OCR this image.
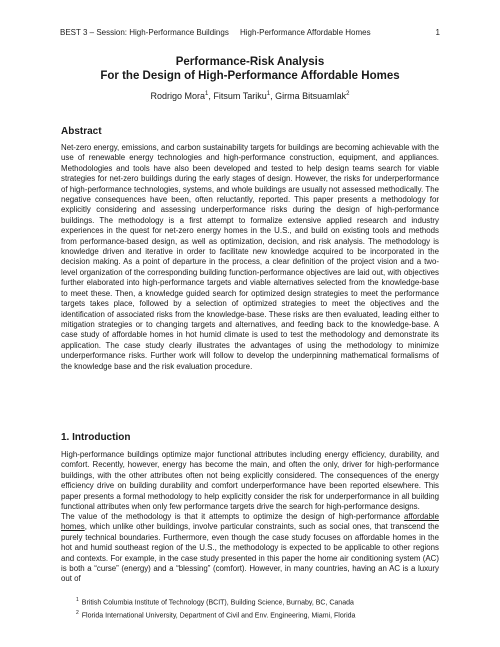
BEST 3 – Session: High-Performance Buildings High-Performance Affordable Homes	1

Performance-Risk Analysis

For the Design of High-Performance Affordable Homes

Rodrigo Mora$^1$, Fitsum Tariku$^1$, Girma Bitsuamlak$^2$
Abstract

Net-zero energy, emissions, and carbon sustainability targets for buildings are becoming achievable with the use of renewable energy technologies and high-performance construction, equipment, and appliances. Methodologies and tools have also been developed and tested to help design teams search for viable strategies for net-zero buildings during the early stages of design. However, the risks for underperformance of high-performance technologies, systems, and whole buildings are usually not assessed methodically. The negative consequences have been, often reluctantly, reported. This paper presents a methodology for explicitly considering and assessing underperformance risks during the design of high-performance buildings. The methodology is a first attempt to formalize extensive applied research and industry experiences in the quest for net-zero energy homes in the U.S., and build on existing tools and methods from performance-based design, as well as optimization, decision, and risk analysis. The methodology is knowledge driven and iterative in order to facilitate new knowledge acquired to be incorporated in the decision making. As a point of departure in the process, a clear definition of the project vision and a two-level organization of the corresponding building function-performance objectives are laid out, with objectives further elaborated into high-performance targets and viable alternatives selected from the knowledge-base to meet these. Then, a knowledge guided search for optimized design strategies to meet the performance targets takes place, followed by a selection of optimized strategies to meet the objectives and the identification of associated risks from the knowledge-base. These risks are then evaluated, leading either to mitigation strategies or to changing targets and alternatives, and feeding back to the knowledge-base. A case study of affordable homes in hot humid climate is used to test the methodology and demonstrate its application. The case study clearly illustrates the advantages of using the methodology to minimize underperformance risks. Further work will follow to develop the underpinning mathematical formalisms of the knowledge base and the risk evaluation procedure.

1. Introduction

High-performance buildings optimize major functional attributes including energy efficiency, durability, and comfort. Recently, however, energy has become the main, and often the only, driver for high-performance buildings, with the other attributes often not being explicitly considered. The consequences of the energy efficiency drive on building durability and comfort underperformance have been reported elsewhere. This paper presents a formal methodology to help explicitly consider the risk for underperformance in all building functional attributes when only few performance targets drive the search for high-performance designs.

The value of the methodology is that it attempts to optimize the design of high-performance affordable homes, which unlike other buildings, involve particular constraints, such as social ones, that transcend the purely technical boundaries. Furthermore, even though the case study focuses on affordable homes in the hot and humid southeast region of the U.S., the methodology is expected to be applicable to other regions and contexts. For example, in the case study presented in this paper the home air conditioning system (AC) is both a “curse” (energy) and a “blessing” (comfort). However, in many countries, having an AC is a luxury out of

$^1$ British Columbia Institute of Technology (BCIT), Building Science, Burnaby, BC, Canada
$^2$ Florida International University, Department of Civil and Env. Engineering, Miami, Florida
